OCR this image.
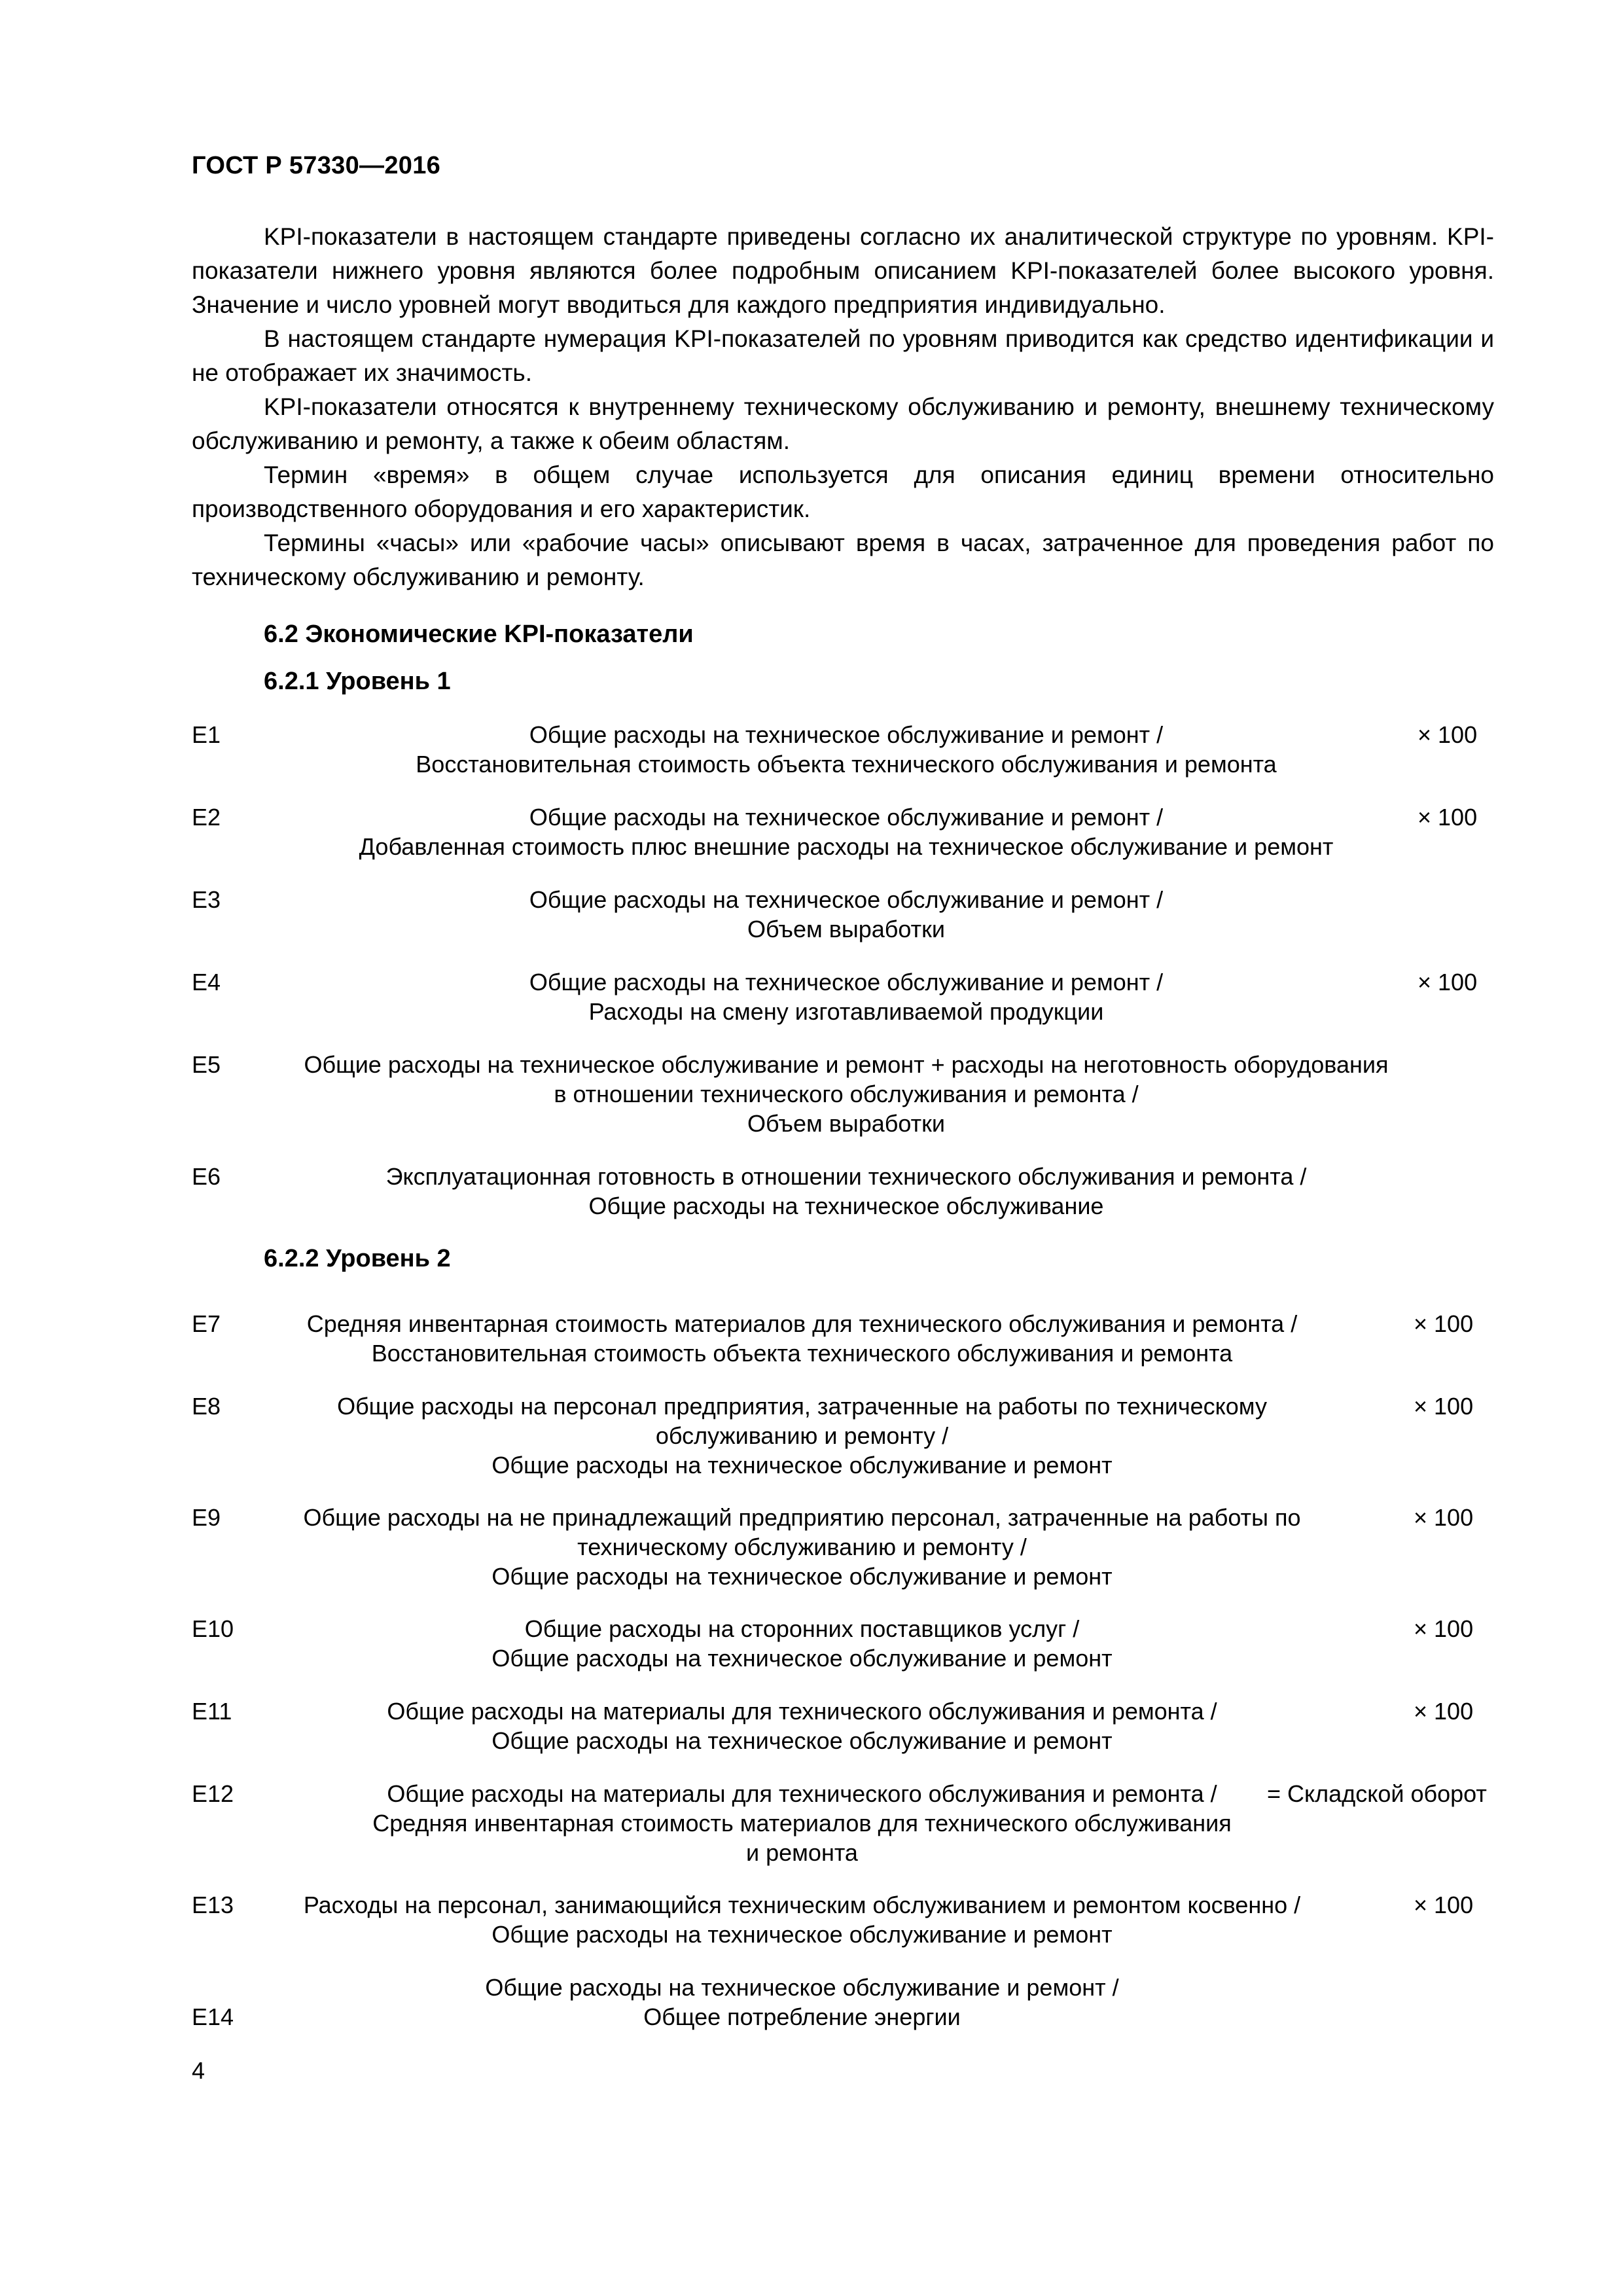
ГОСТ Р 57330—2016

KPI-показатели в настоящем стандарте приведены согласно их аналитической структуре по уровням. KPI-показатели нижнего уровня являются более подробным описанием KPI-показателей более высокого уровня. Значение и число уровней могут вводиться для каждого предприятия индивидуально.

В настоящем стандарте нумерация KPI-показателей по уровням приводится как средство идентификации и не отображает их значимость.

KPI-показатели относятся к внутреннему техническому обслуживанию и ремонту, внешнему техническому обслуживанию и ремонту, а также к обеим областям.

Термин «время» в общем случае используется для описания единиц времени относительно производственного оборудования и его характеристик.

Термины «часы» или «рабочие часы» описывают время в часах, затраченное для проведения работ по техническому обслуживанию и ремонту.

6.2 Экономические KPI-показатели
6.2.1 Уровень 1
6.2.2 Уровень 2
E1	Общие расходы на техническое обслуживание и ремонт /
Восстановительная стоимость объекта технического обслуживания и ремонта
× 100
E2	Общие расходы на техническое обслуживание и ремонт /
Добавленная стоимость плюс внешние расходы на техническое обслуживание и ремонт
× 100
E3	Общие расходы на техническое обслуживание и ремонт /
Объем выработки
E4	Общие расходы на техническое обслуживание и ремонт /
Расходы на смену изготавливаемой продукции
× 100
E5	Общие расходы на техническое обслуживание и ремонт + расходы на неготовность оборудования
в отношении технического обслуживания и ремонта /
Объем выработки
E6	Эксплуатационная готовность в отношении технического обслуживания и ремонта /
Общие расходы на техническое обслуживание
E7	Средняя инвентарная стоимость материалов для технического обслуживания и ремонта /
Восстановительная стоимость объекта технического обслуживания и ремонта
× 100
E8	Общие расходы на персонал предприятия, затраченные на работы по техническому
обслуживанию и ремонту /
Общие расходы на техническое обслуживание и ремонт
× 100
E9	Общие расходы на не принадлежащий предприятию персонал, затраченные на работы по
техническому обслуживанию и ремонту /
Общие расходы на техническое обслуживание и ремонт
× 100
E10	Общие расходы на сторонних поставщиков услуг /
Общие расходы на техническое обслуживание и ремонт
× 100
E11	Общие расходы на материалы для технического обслуживания и ремонта /
Общие расходы на техническое обслуживание и ремонт
× 100
E12	Общие расходы на материалы для технического обслуживания и ремонта /
Средняя инвентарная стоимость материалов для технического обслуживания
и ремонта
= Складской оборот
E13	Расходы на персонал, занимающийся техническим обслуживанием и ремонтом косвенно /
Общие расходы на техническое обслуживание и ремонт
× 100
E14
Общие расходы на техническое обслуживание и ремонт /
Общее потребление энергии
4
